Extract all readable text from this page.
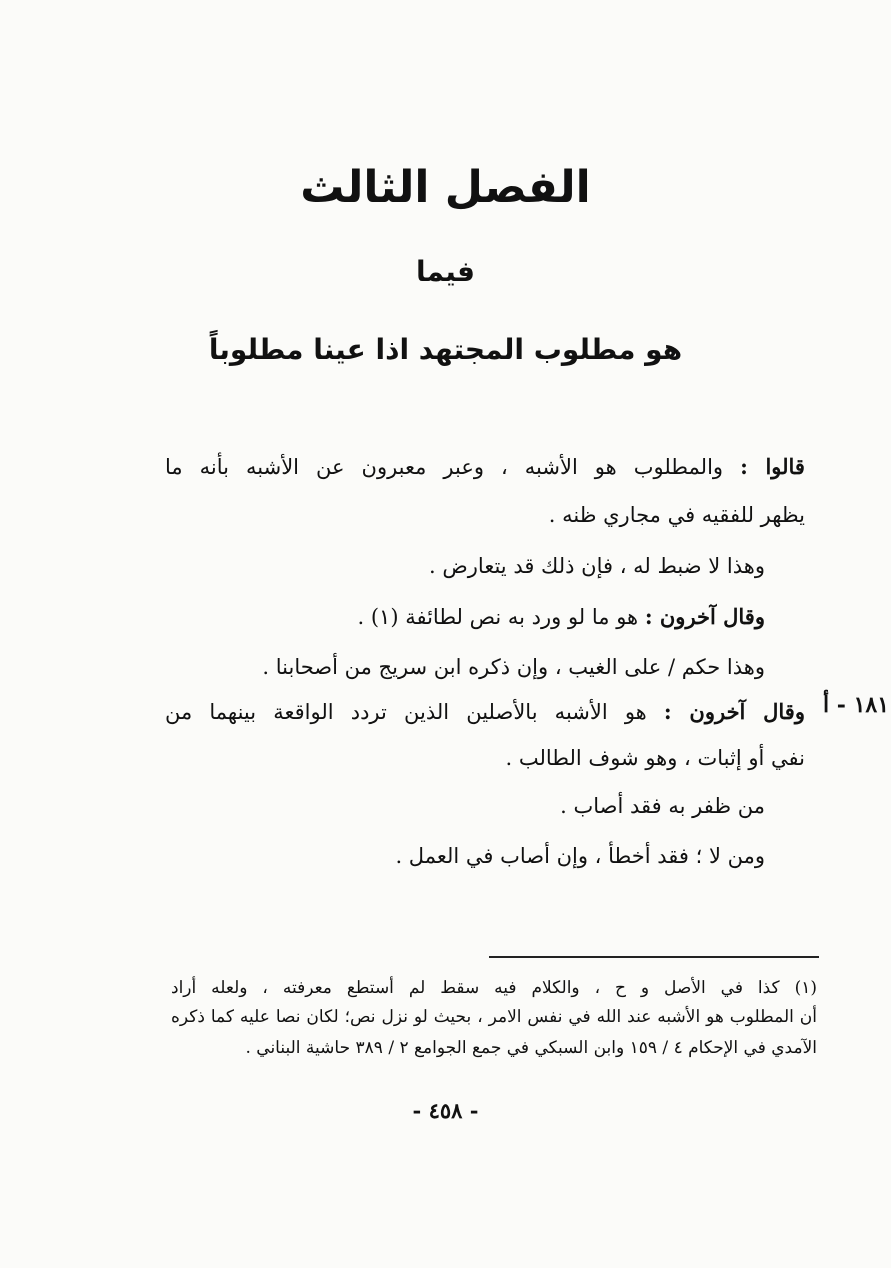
الفصل الثالث
فيما
هو مطلوب المجتهد اذا عينا مطلوباً
قالوا : والمطلوب هو الأشبه ، وعبر معبرون عن الأشبه بأنه ما
يظهر للفقيه في مجاري ظنه .
وهذا لا ضبط له ، فإن ذلك قد يتعارض .
وقال آخرون : هو ما لو ورد به نص لطائفة (١) .
وهذا حكم / على الغيب ، وإن ذكره ابن سريج من أصحابنا .
وقال آخرون : هو الأشبه بالأصلين الذين تردد الواقعة بينهما من
نفي أو إثبات ، وهو شوف الطالب .
من ظفر به فقد أصاب .
ومن لا ؛ فقد أخطأ ، وإن أصاب في العمل .
١٨١ - أ
(١) كذا في الأصل و ح ، والكلام فيه سقط لم أستطع معرفته ، ولعله أراد
أن المطلوب هو الأشبه عند الله في نفس الامر ، بحيث لو نزل نص؛ لكان نصا عليه كما ذكره
الآمدي في الإحكام ٤ / ١٥٩ وابن السبكي في جمع الجوامع ٢ / ٣٨٩ حاشية البناني .
- ٤٥٨ -
